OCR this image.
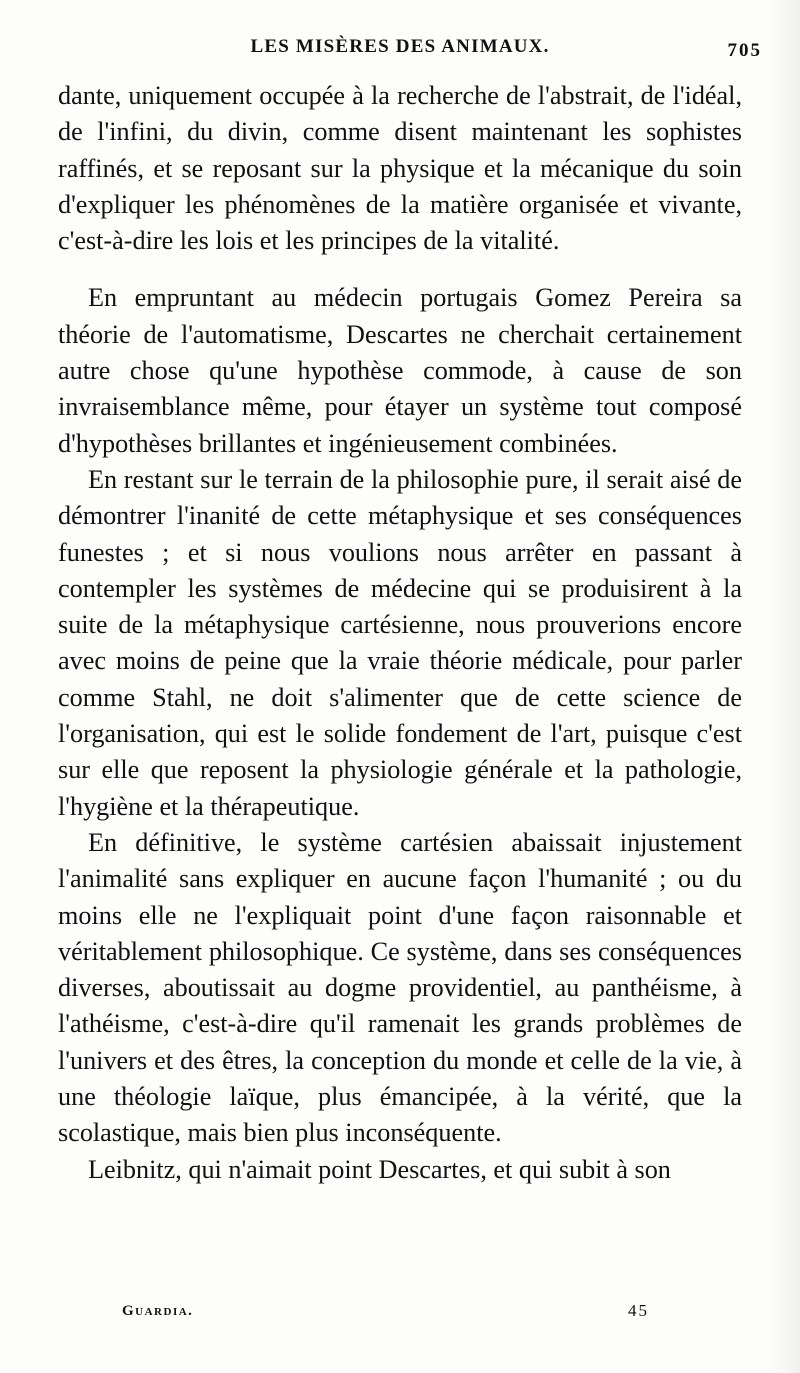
LES MISÈRES DES ANIMAUX.	705

dante, uniquement occupée à la recherche de l'abstrait, de l'idéal, de l'infini, du divin, comme disent maintenant les sophistes raffinés, et se reposant sur la physique et la mécanique du soin d'expliquer les phénomènes de la matière organisée et vivante, c'est-à-dire les lois et les principes de la vitalité.

En empruntant au médecin portugais Gomez Pereira sa théorie de l'automatisme, Descartes ne cherchait certainement autre chose qu'une hypothèse commode, à cause de son invraisemblance même, pour étayer un système tout composé d'hypothèses brillantes et ingénieusement combinées.

En restant sur le terrain de la philosophie pure, il serait aisé de démontrer l'inanité de cette métaphysique et ses conséquences funestes ; et si nous voulions nous arrêter en passant à contempler les systèmes de médecine qui se produisirent à la suite de la métaphysique cartésienne, nous prouverions encore avec moins de peine que la vraie théorie médicale, pour parler comme Stahl, ne doit s'alimenter que de cette science de l'organisation, qui est le solide fondement de l'art, puisque c'est sur elle que reposent la physiologie générale et la pathologie, l'hygiène et la thérapeutique.

En définitive, le système cartésien abaissait injustement l'animalité sans expliquer en aucune façon l'humanité ; ou du moins elle ne l'expliquait point d'une façon raisonnable et véritablement philosophique. Ce système, dans ses conséquences diverses, aboutissait au dogme providentiel, au panthéisme, à l'athéisme, c'est-à-dire qu'il ramenait les grands problèmes de l'univers et des êtres, la conception du monde et celle de la vie, à une théologie laïque, plus émancipée, à la vérité, que la scolastique, mais bien plus inconséquente.

Leibnitz, qui n'aimait point Descartes, et qui subit à son

Guardia.	45
